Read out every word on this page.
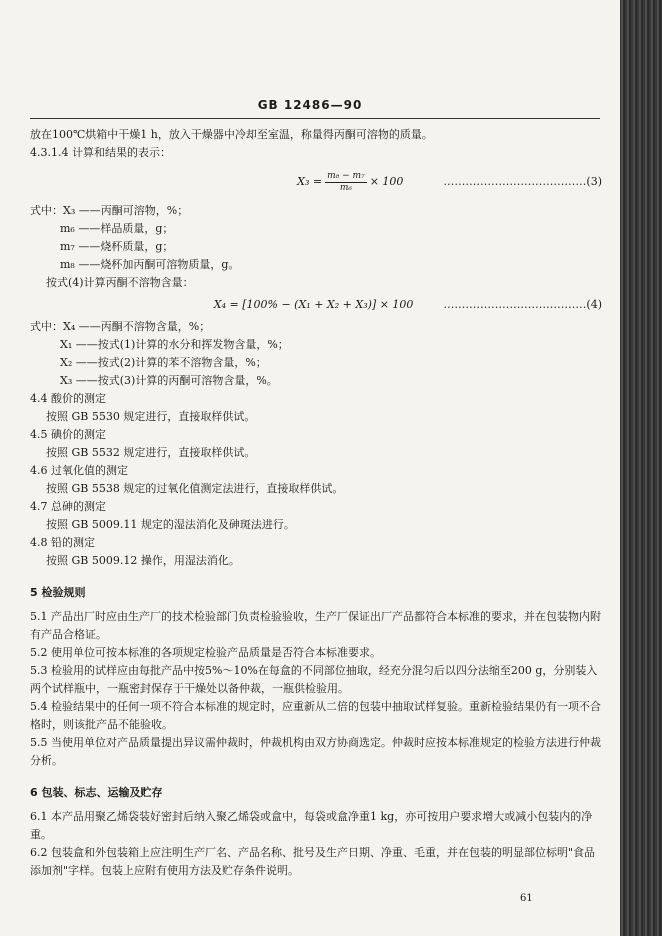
GB 12486—90

放在100℃烘箱中干燥1 h，放入干燥器中冷却至室温，称量得丙酮可溶物的质量。

4.3.1.4 计算和结果的表示：

$X_3 = \frac{\text{m₈ − m₇}}{\text{m₆}} \times 100$	…………………………………(3)

式中：X₃ ——丙酮可溶物，%；

m₆ ——样品质量，g；

m₇ ——烧杯质量，g；

m₈ ——烧杯加丙酮可溶物质量，g。

按式(4)计算丙酮不溶物含量：

X₄ = [100% − (X₁ + X₂ + X₃)] × 100	…………………………………(4)

式中：X₄ ——丙酮不溶物含量，%；

X₁ ——按式(1)计算的水分和挥发物含量，%；

X₂ ——按式(2)计算的苯不溶物含量，%；

X₃ ——按式(3)计算的丙酮可溶物含量，%。

4.4 酸价的测定

按照 GB 5530 规定进行，直接取样供试。

4.5 碘价的测定

按照 GB 5532 规定进行，直接取样供试。

4.6 过氧化值的测定

按照 GB 5538 规定的过氧化值测定法进行，直接取样供试。

4.7 总砷的测定

按照 GB 5009.11 规定的湿法消化及砷斑法进行。

4.8 铅的测定

按照 GB 5009.12 操作，用湿法消化。

5 检验规则

5.1 产品出厂时应由生产厂的技术检验部门负责检验验收，生产厂保证出厂产品都符合本标准的要求，并在包装物内附有产品合格证。

5.2 使用单位可按本标准的各项规定检验产品质量是否符合本标准要求。

5.3 检验用的试样应由每批产品中按5%～10%在每盒的不同部位抽取，经充分混匀后以四分法缩至200 g，分别装入两个试样瓶中，一瓶密封保存于干燥处以备仲裁，一瓶供检验用。

5.4 检验结果中的任何一项不符合本标准的规定时，应重新从二倍的包装中抽取试样复验。重新检验结果仍有一项不合格时，则该批产品不能验收。

5.5 当使用单位对产品质量提出异议需仲裁时，仲裁机构由双方协商选定。仲裁时应按本标准规定的检验方法进行仲裁分析。

6 包装、标志、运输及贮存

6.1 本产品用聚乙烯袋装好密封后纳入聚乙烯袋或盒中，每袋或盒净重1 kg，亦可按用户要求增大或减小包装内的净重。

6.2 包装盒和外包装箱上应注明生产厂名、产品名称、批号及生产日期、净重、毛重，并在包装的明显部位标明"食品添加剂"字样。包装上应附有使用方法及贮存条件说明。

61
